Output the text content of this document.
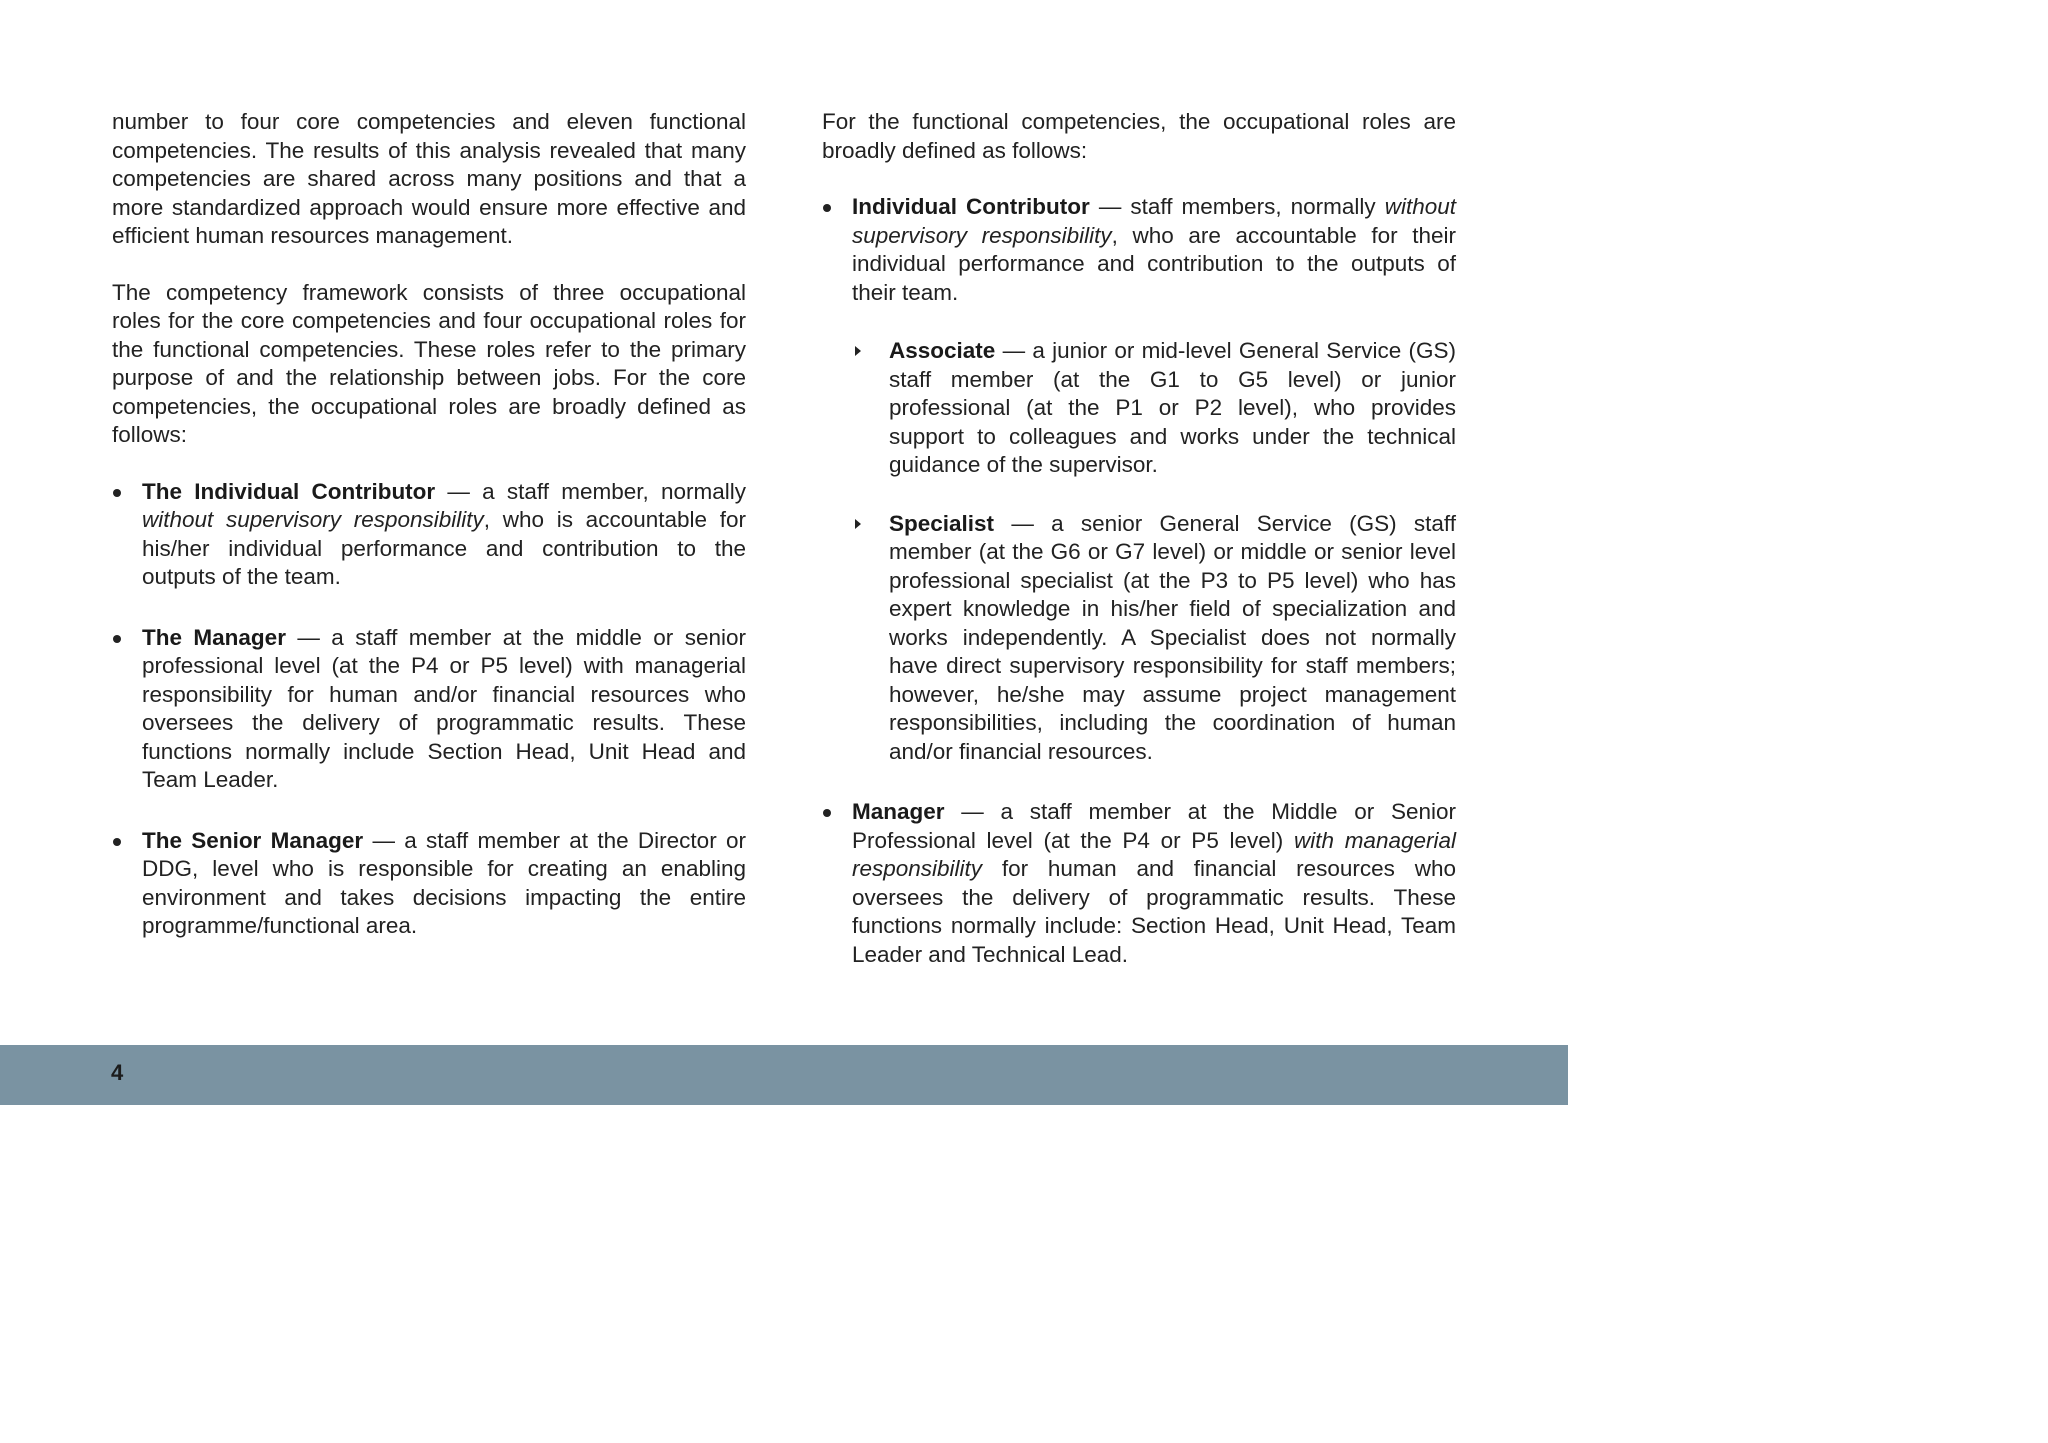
number to four core competencies and eleven functional competencies. The results of this analysis revealed that many competencies are shared across many positions and that a more standardized approach would ensure more effective and efficient human resources management.

The competency framework consists of three occupational roles for the core competencies and four occupational roles for the functional competencies. These roles refer to the primary purpose of and the relationship between jobs. For the core competencies, the occupational roles are broadly defined as follows:

The Individual Contributor — a staff member, normally without supervisory responsibility, who is accountable for his/her individual performance and contribution to the outputs of the team.
The Manager — a staff member at the middle or senior professional level (at the P4 or P5 level) with managerial responsibility for human and/or financial resources who oversees the delivery of programmatic results. These functions normally include Section Head, Unit Head and Team Leader.
The Senior Manager — a staff member at the Director or DDG, level who is responsible for creating an enabling environment and takes decisions impacting the entire programme/functional area.

For the functional competencies, the occupational roles are broadly defined as follows:

Individual Contributor — staff members, normally without supervisory responsibility, who are accountable for their individual performance and contribution to the outputs of their team.
Associate — a junior or mid-level General Service (GS) staff member (at the G1 to G5 level) or junior professional (at the P1 or P2 level), who provides support to colleagues and works under the technical guidance of the supervisor.
Specialist — a senior General Service (GS) staff member (at the G6 or G7 level) or middle or senior level professional specialist (at the P3 to P5 level) who has expert knowledge in his/her field of specialization and works independently. A Specialist does not normally have direct supervisory responsibility for staff members; however, he/she may assume project management responsibilities, including the coordination of human and/or financial resources.
Manager — a staff member at the Middle or Senior Professional level (at the P4 or P5 level) with managerial responsibility for human and financial resources who oversees the delivery of programmatic results. These functions normally include: Section Head, Unit Head, Team Leader and Technical Lead.
4
